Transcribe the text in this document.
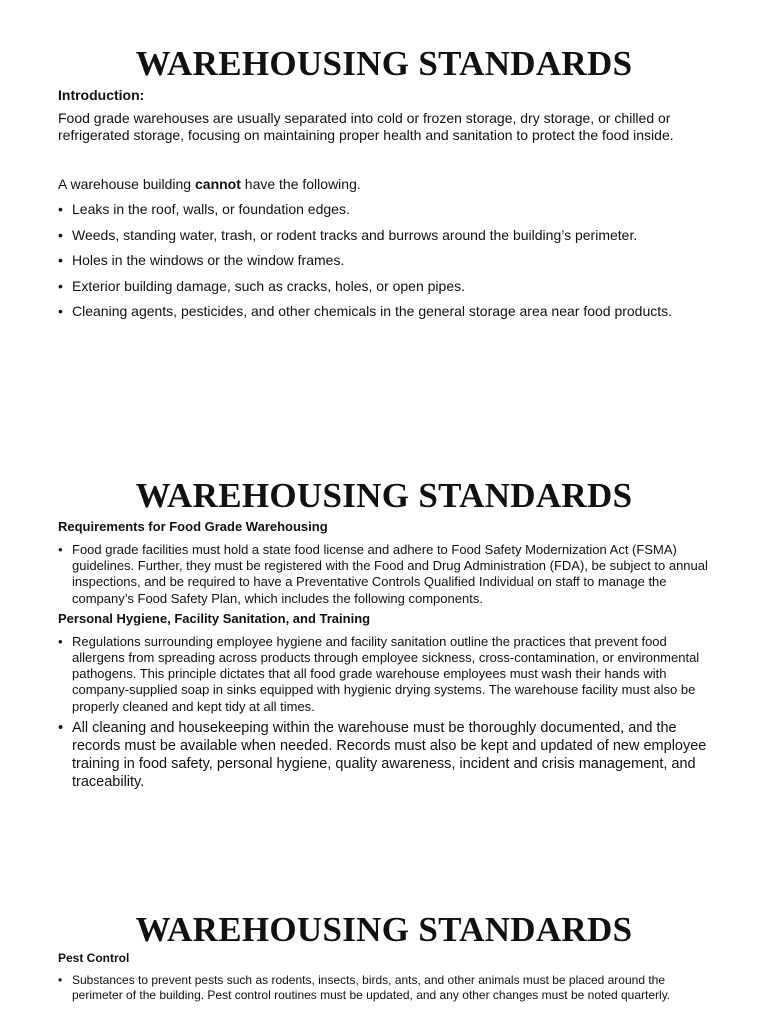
WAREHOUSING STANDARDS

Introduction:

Food grade warehouses are usually separated into cold or frozen storage, dry storage, or chilled or refrigerated storage, focusing on maintaining proper health and sanitation to protect the food inside.

A warehouse building cannot have the following.

• Leaks in the roof, walls, or foundation edges.
• Weeds, standing water, trash, or rodent tracks and burrows around the building’s perimeter.
• Holes in the windows or the window frames.
• Exterior building damage, such as cracks, holes, or open pipes.
• Cleaning agents, pesticides, and other chemicals in the general storage area near food products.
WAREHOUSING STANDARDS

Requirements for Food Grade Warehousing

• Food grade facilities must hold a state food license and adhere to Food Safety Modernization Act (FSMA) guidelines. Further, they must be registered with the Food and Drug Administration (FDA), be subject to annual inspections, and be required to have a Preventative Controls Qualified Individual on staff to manage the company’s Food Safety Plan, which includes the following components.

Personal Hygiene, Facility Sanitation, and Training

• Regulations surrounding employee hygiene and facility sanitation outline the practices that prevent food allergens from spreading across products through employee sickness, cross-contamination, or environmental pathogens. This principle dictates that all food grade warehouse employees must wash their hands with company-supplied soap in sinks equipped with hygienic drying systems. The warehouse facility must also be properly cleaned and kept tidy at all times.
• All cleaning and housekeeping within the warehouse must be thoroughly documented, and the records must be available when needed. Records must also be kept and updated of new employee training in food safety, personal hygiene, quality awareness, incident and crisis management, and traceability.
WAREHOUSING STANDARDS

Pest Control

• Substances to prevent pests such as rodents, insects, birds, ants, and other animals must be placed around the perimeter of the building. Pest control routines must be updated, and any other changes must be noted quarterly.
